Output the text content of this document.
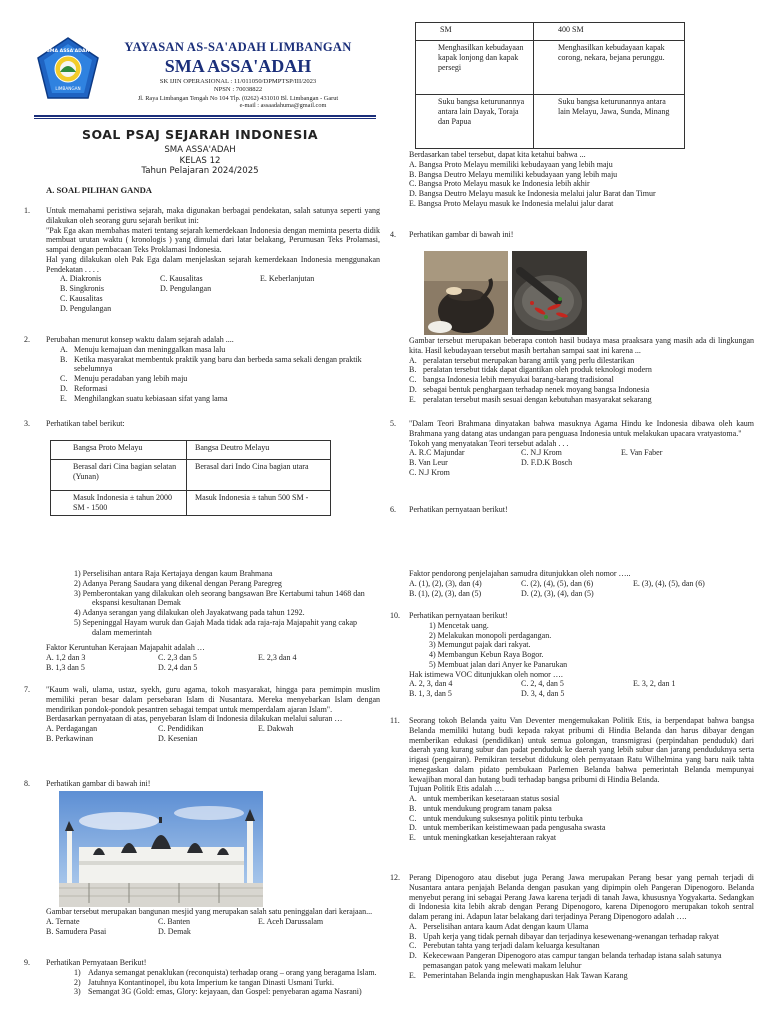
SMA ASSA'ADAH
LIMBANGAN
YAYASAN AS-SA'ADAH LIMBANGAN
SMA ASSA'ADAH
SK IJIN OPERASIONAL : 11/011050/DPMPTSP/III/2023
NPSN : 70038822
Jl. Raya Limbangan Tengah No 104 Tlp. (0262) 431010 Bl. Limbangan - Garut
e-mail : assaadahuma@gmail.com
SOAL PSAJ SEJARAH INDONESIA
SMA ASSA'ADAH
KELAS 12
Tahun Pelajaran 2024/2025
A. SOAL PILIHAN GANDA
1. Untuk memahami peristiwa sejarah, maka digunakan berbagai pendekatan, salah satunya seperti yang dilakukan oleh seorang guru sejarah berikut ini:

"Pak Ega akan membahas materi tentang sejarah kemerdekaan Indonesia dengan meminta peserta didik membuat urutan waktu ( kronologis ) yang dimulai dari latar belakang, Perumusan Teks Prolamasi, sampai dengan pembacaan Teks Proklamasi Indonesia.

Hal yang dilakukan oleh Pak Ega dalam menjelaskan sejarah kemerdekaan Indonesia menggunakan Pendekatan . . . .

A. Diakronis	C. Kausalitas	E. Keberlanjutan
B. Singkronis	D. Pengulangan
C. Kausalitas
D. Pengulangan
2. Perubahan menurut konsep waktu dalam sejarah adalah ....

A. Menuju kemajuan dan meninggalkan masa lalu
B. Ketika masyarakat membentuk praktik yang baru dan berbeda sama sekali dengan praktik sebelumnya
C. Menuju peradaban yang lebih maju
D. Reformasi
E. Menghilangkan suatu kebiasaan sifat yang lama
3. Perhatikan tabel berikut:

Bangsa Proto Melayu	Bangsa Deutro Melayu
Berasal dari Cina bagian selatan (Yunan)	Berasal dari Indo Cina bagian utara
Masuk Indonesia ± tahun 2000 SM - 1500	Masuk Indonesia ± tahun 500 SM -
1) Perselisihan antara Raja Kertajaya dengan kaum Brahmana
2) Adanya Perang Saudara yang dikenal dengan Perang Paregreg
3) Pemberontakan yang dilakukan oleh seorang bangsawan Bre Kertabumi tahun 1468 dan ekspansi kesultanan Demak
4) Adanya serangan yang dilakukan oleh Jayakatwang pada tahun 1292.
5) Sepeninggal Hayam wuruk dan Gajah Mada tidak ada raja-raja Majapahit yang cakap dalam memerintah

Faktor Keruntuhan Kerajaan Majapahit adalah …

A. 1,2 dan 3	C. 2,3 dan 5	E. 2,3 dan 4
B. 1,3 dan 5	D. 2,4 dan 5
7. "Kaum wali, ulama, ustaz, syekh, guru agama, tokoh masyarakat, hingga para pemimpin muslim memiliki peran besar dalam persebaran Islam di Nusantara. Mereka menyebarkan Islam dengan mendirikan pondok-pondok pesantren sebagai tempat untuk memperdalam ajaran Islam".

Berdasarkan pernyataan di atas, penyebaran Islam di Indonesia dilakukan melalui saluran …

A. Perdagangan	C. Pendidikan	E. Dakwah
B. Perkawinan	D. Kesenian
8. Perhatikan gambar di bawah ini!

Gambar tersebut merupakan bangunan mesjid yang merupakan salah satu peninggalan dari kerajaan...

A. Ternate	C. Banten	E. Aceh Darussalam
B. Samudera Pasai	D. Demak
9. Perhatikan Pernyataan Berikut!

1) Adanya semangat penaklukan (reconquista) terhadap orang – orang yang beragama Islam.
2) Jatuhnya Kontantinopel, ibu kota Imperium ke tangan Dinasti Usmani Turki.
3) Semangat 3G (Gold: emas, Glory: kejayaan, dan Gospel: penyebaran agama Nasrani)
SM	400 SM
Menghasilkan kebudayaan kapak lonjong dan kapak persegi	Menghasilkan kebudayaan kapak corong, nekara, bejana perunggu.
Suku bangsa keturunannya antara lain Dayak, Toraja dan Papua	Suku bangsa keturunannya antara lain Melayu, Jawa, Sunda, Minang

Berdasarkan tabel tersebut, dapat kita ketahui bahwa ...

A. Bangsa Proto Melayu memiliki kebudayaan yang lebih maju
B. Bangsa Deutro Melayu memiliki kebudayaan yang lebih maju
C. Bangsa Proto Melayu masuk ke Indonesia lebih akhir
D. Bangsa Deutro Melayu masuk ke Indonesia melalui jalur Barat dan Timur
E. Bangsa Proto Melayu masuk ke Indonesia melalui jalur darat
4. Perhatikan gambar di bawah ini!

Gambar tersebut merupakan beberapa contoh hasil budaya masa praaksara yang masih ada di lingkungan kita. Hasil kebudayaan tersebut masih bertahan sampai saat ini karena ...

A. peralatan tersebut merupakan barang antik yang perlu dilestarikan
B. peralatan tersebut tidak dapat digantikan oleh produk teknologi modern
C. bangsa Indonesia lebih menyukai barang-barang tradisional
D. sebagai bentuk penghargaan terhadap nenek moyang bangsa Indonesia
E. peralatan tersebut masih sesuai dengan kebutuhan masyarakat sekarang
5. "Dalam Teori Brahmana dinyatakan bahwa masuknya Agama Hindu ke Indonesia dibawa oleh kaum Brahmana yang datang atas undangan para penguasa Indonesia untuk melakukan upacara vratyastoma."

Tokoh yang menyatakan Teori tersebut adalah . . .

A. R.C Majundar	C. N.J Krom	E. Van Faber
B. Van Leur	D. F.D.K Bosch
C. N.J Krom
6. Perhatikan pernyataan berikut!

Faktor pendorong penjelajahan samudra ditunjukkan oleh nomor …..

A. (1), (2), (3), dan (4)	C. (2), (4), (5), dan (6)	E. (3), (4), (5), dan (6)
B. (1), (2), (3), dan (5)	D. (2), (3), (4), dan (5)
10. Perhatikan pernyataan berikut!

1) Mencetak uang.
2) Melakukan monopoli perdagangan.
3) Memungut pajak dari rakyat.
4) Membangun Kebun Raya Bogor.
5) Membuat jalan dari Anyer ke Panarukan

Hak istimewa VOC ditunjukkan oleh nomor ….

A. 2, 3, dan 4	C. 2, 4, dan 5	E. 3, 2, dan 1
B. 1, 3, dan 5	D. 3, 4, dan 5
11. Seorang tokoh Belanda yaitu Van Deventer mengemukakan Politik Etis, ia berpendapat bahwa bangsa Belanda memiliki hutang budi kepada rakyat pribumi di Hindia Belanda dan harus dibayar dengan memberikan edukasi (pendidikan) untuk semua golongan, transmigrasi (perpindahan penduduk) dari daerah yang kurang subur dan padat penduduk ke daerah yang lebih subur dan jarang penduduknya serta irigasi (pengairan). Pemikiran tersebut didukung oleh pernyataan Ratu Wilhelmina yang baru naik tahta menegaskan dalam pidato pembukaan Parlemen Belanda bahwa pemerintah Belanda mempunyai kewajiban moral dan hutang budi terhadap bangsa pribumi di Hindia Belanda.

Tujuan Politik Etis adalah ….

A. untuk memberikan kesetaraan status sosial
B. untuk mendukung program tanam paksa
C. untuk mendukung suksesnya politik pintu terbuka
D. untuk memberikan keistimewaan pada pengusaha swasta
E. untuk meningkatkan kesejahteraan rakyat
12. Perang Dipenogoro atau disebut juga Perang Jawa merupakan Perang besar yang pernah terjadi di Nusantara antara penjajah Belanda dengan pasukan yang dipimpin oleh Pangeran Dipenogoro. Belanda menyebut perang ini sebagai Perang Jawa karena terjadi di tanah Jawa, khususnya Yogyakarta. Sedangkan di Indonesia kita lebih akrab dengan Perang Dipenogoro, karena Dipenogoro merupakan tokoh sentral dalam perang ini. Adapun latar belakang dari terjadinya Perang Dipenogoro adalah ….

A. Perselisihan antara kaum Adat dengan kaum Ulama
B. Upah kerja yang tidak pernah dibayar dan terjadinya kesewenang-wenangan terhadap rakyat
C. Perebutan tahta yang terjadi dalam keluarga kesultanan
D. Kekecewaan Pangeran Dipenogoro atas campur tangan belanda terhadap istana salah satunya pemasangan patok yang melewati makam leluhur
E. Pemerintahan Belanda ingin menghapuskan Hak Tawan Karang
